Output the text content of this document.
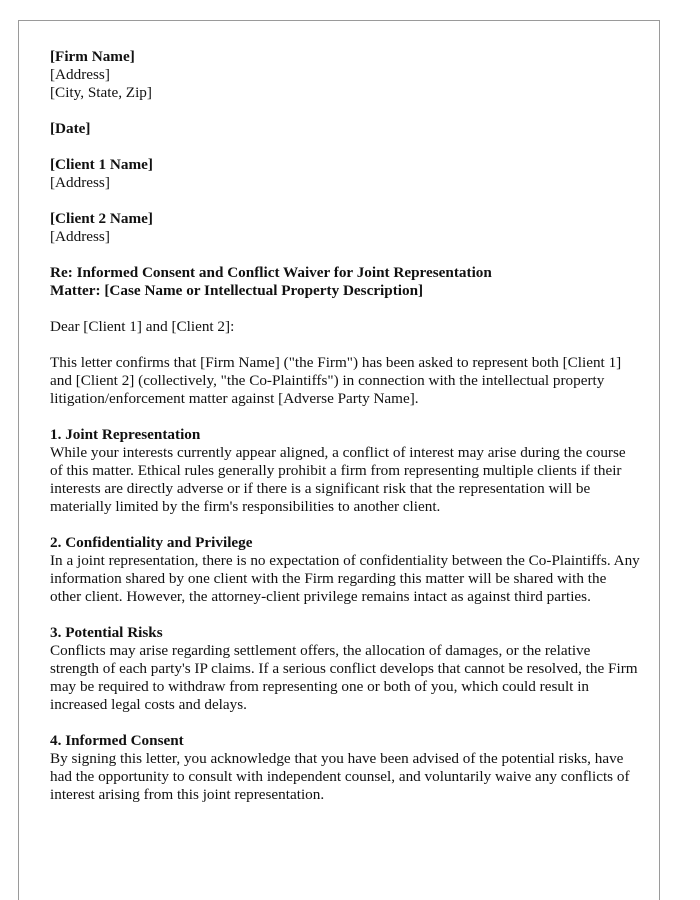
[Firm Name]
[Address]
[City, State, Zip]
[Date]
[Client 1 Name]
[Address]
[Client 2 Name]
[Address]
Re: Informed Consent and Conflict Waiver for Joint Representation
Matter: [Case Name or Intellectual Property Description]

Dear [Client 1] and [Client 2]:

This letter confirms that [Firm Name] ("the Firm") has been asked to represent both [Client 1] and [Client 2] (collectively, "the Co-Plaintiffs") in connection with the intellectual property litigation/enforcement matter against [Adverse Party Name].

1. Joint Representation

While your interests currently appear aligned, a conflict of interest may arise during the course of this matter. Ethical rules generally prohibit a firm from representing multiple clients if their interests are directly adverse or if there is a significant risk that the representation will be materially limited by the firm's responsibilities to another client.

2. Confidentiality and Privilege

In a joint representation, there is no expectation of confidentiality between the Co-Plaintiffs. Any information shared by one client with the Firm regarding this matter will be shared with the other client. However, the attorney-client privilege remains intact as against third parties.

3. Potential Risks

Conflicts may arise regarding settlement offers, the allocation of damages, or the relative strength of each party's IP claims. If a serious conflict develops that cannot be resolved, the Firm may be required to withdraw from representing one or both of you, which could result in increased legal costs and delays.

4. Informed Consent

By signing this letter, you acknowledge that you have been advised of the potential risks, have had the opportunity to consult with independent counsel, and voluntarily waive any conflicts of interest arising from this joint representation.
